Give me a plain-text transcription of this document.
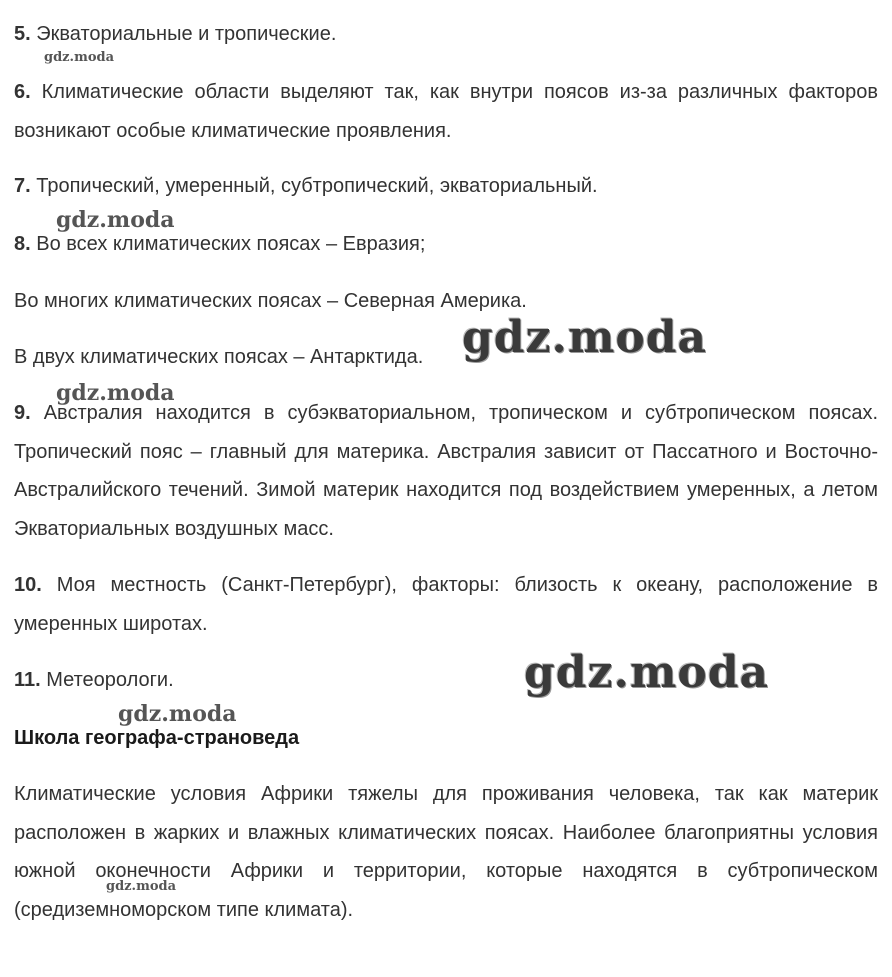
5. Экваториальные и тропические.

6. Климатические области выделяют так, как внутри поясов из-за различных факторов возникают особые климатические проявления.

7. Тропический, умеренный, субтропический, экваториальный.

8. Во всех климатических поясах – Евразия;

Во многих климатических поясах – Северная Америка.

В двух климатических поясах – Антарктида.

9. Австралия находится в субэкваториальном, тропическом и субтропическом поясах. Тропический пояс – главный для материка. Австралия зависит от Пассатного и Восточно-Австралийского течений. Зимой материк находится под воздействием умеренных, а летом Экваториальных воздушных масс.

10. Моя местность (Санкт-Петербург), факторы: близость к океану, расположение в умеренных широтах.

11. Метеорологи.

Школа географа-страноведа

Климатические условия Африки тяжелы для проживания человека, так как материк расположен в жарких и влажных климатических поясах. Наиболее благоприятны условия южной оконечности Африки и территории, которые находятся в субтропическом (средиземноморском типе климата).

gdz.moda
gdz.moda
gdz.moda
gdz.moda
gdz.moda
gdz.moda
gdz.moda
